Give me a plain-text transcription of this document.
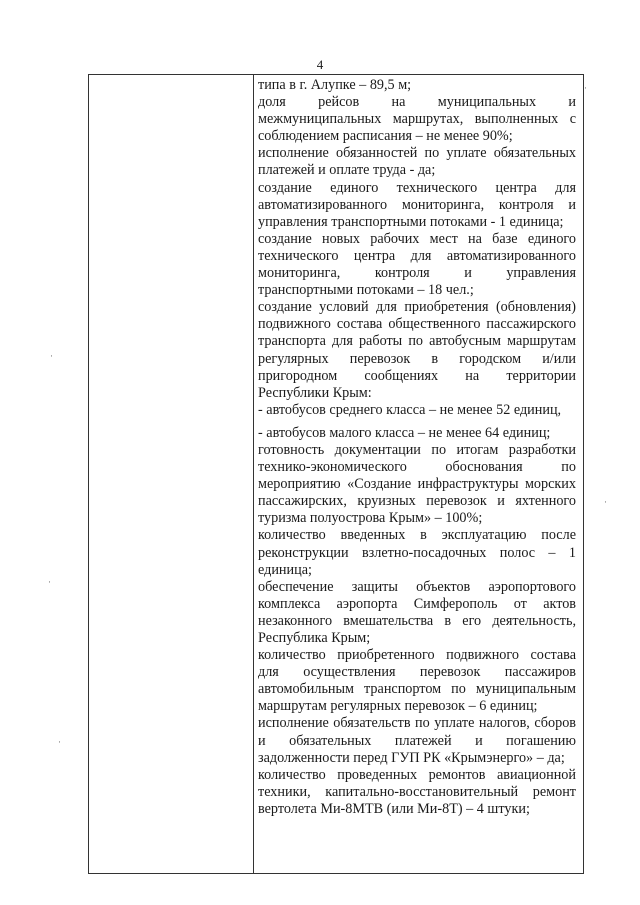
4
типа в г. Алупке – 89,5 м;
доля рейсов на муниципальных и межмуниципальных маршрутах, выполненных с соблюдением расписания – не менее 90%;
исполнение обязанностей по уплате обязательных платежей и оплате труда - да;
создание единого технического центра для автоматизированного мониторинга, контроля и управления транспортными потоками - 1 единица;
создание новых рабочих мест на базе единого технического центра для автоматизированного мониторинга, контроля и управления транспортными потоками – 18 чел.;
создание условий для приобретения (обновления) подвижного состава общественного пассажирского транспорта для работы по автобусным маршрутам регулярных перевозок в городском и/или пригородном сообщениях на территории Республики Крым:
- автобусов среднего класса – не менее 52 единиц,
- автобусов малого класса – не менее 64 единиц;
готовность документации по итогам разработки технико-экономического обоснования по мероприятию «Создание инфраструктуры морских пассажирских, круизных перевозок и яхтенного туризма полуострова Крым» – 100%;
количество введенных в эксплуатацию после реконструкции взлетно-посадочных полос – 1 единица;
обеспечение защиты объектов аэропортового комплекса аэропорта Симферополь от актов незаконного вмешательства в его деятельность, Республика Крым;
количество приобретенного подвижного состава для осуществления перевозок пассажиров автомобильным транспортом по муниципальным маршрутам регулярных перевозок – 6 единиц;
исполнение обязательств по уплате налогов, сборов и обязательных платежей и погашению задолженности перед ГУП РК «Крымэнерго» – да;
количество проведенных ремонтов авиационной техники, капитально-восстановительный ремонт вертолета Ми-8МТВ (или Ми-8Т) – 4 штуки;
·
·
·
·
·
